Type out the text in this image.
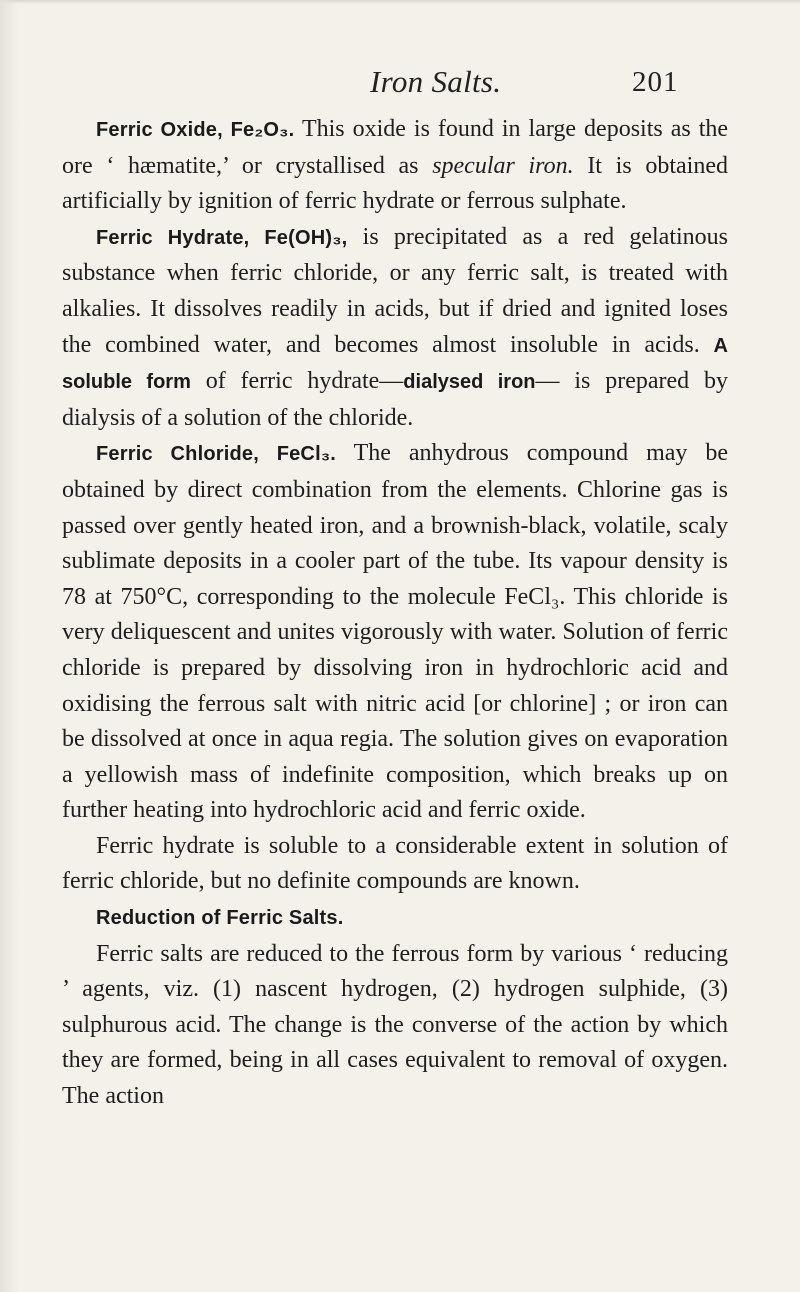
Iron Salts.	201

Ferric Oxide, Fe₂O₃. This oxide is found in large deposits as the ore ‘ hæmatite,’ or crystallised as specular iron. It is obtained artificially by ignition of ferric hydrate or ferrous sulphate.

Ferric Hydrate, Fe(OH)₃, is precipitated as a red gelatinous substance when ferric chloride, or any ferric salt, is treated with alkalies. It dissolves readily in acids, but if dried and ignited loses the combined water, and becomes almost insoluble in acids. A soluble form of ferric hydrate—dialysed iron— is prepared by dialysis of a solution of the chloride.

Ferric Chloride, FeCl₃. The anhydrous compound may be obtained by direct combination from the elements. Chlorine gas is passed over gently heated iron, and a brownish-black, volatile, scaly sublimate deposits in a cooler part of the tube. Its vapour density is 78 at 750°C, corresponding to the molecule FeCl₃. This chloride is very deliquescent and unites vigorously with water. Solution of ferric chloride is prepared by dissolving iron in hydrochloric acid and oxidising the ferrous salt with nitric acid [or chlorine] ; or iron can be dissolved at once in aqua regia. The solution gives on evaporation a yellowish mass of indefinite composition, which breaks up on further heating into hydrochloric acid and ferric oxide.

Ferric hydrate is soluble to a considerable extent in solution of ferric chloride, but no definite compounds are known.

Reduction of Ferric Salts.

Ferric salts are reduced to the ferrous form by various ‘ reducing ’ agents, viz. (1) nascent hydrogen, (2) hydrogen sulphide, (3) sulphurous acid. The change is the converse of the action by which they are formed, being in all cases equivalent to removal of oxygen. The action
